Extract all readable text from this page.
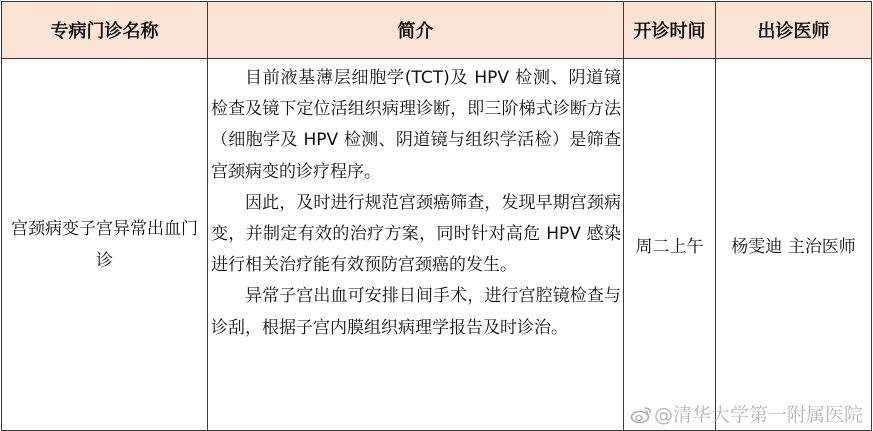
专病门诊名称	简介	开诊时间	出诊医师
宫颈病变子宫异常出血门诊	目前液基薄层细胞学(TCT)及 HPV 检测、阴道镜检查及镜下定位活组织病理诊断，即三阶梯式诊断方法（细胞学及 HPV 检测、阴道镜与组织学活检）是筛查宫颈病变的诊疗程序。

因此，及时进行规范宫颈癌筛查，发现早期宫颈病变，并制定有效的治疗方案，同时针对高危 HPV 感染进行相关治疗能有效预防宫颈癌的发生。

异常子宫出血可安排日间手术，进行宫腔镜检查与诊刮，根据子宫内膜组织病理学报告及时诊治。	周二上午	杨雯迪 主治医师
@清华大学第一附属医院
